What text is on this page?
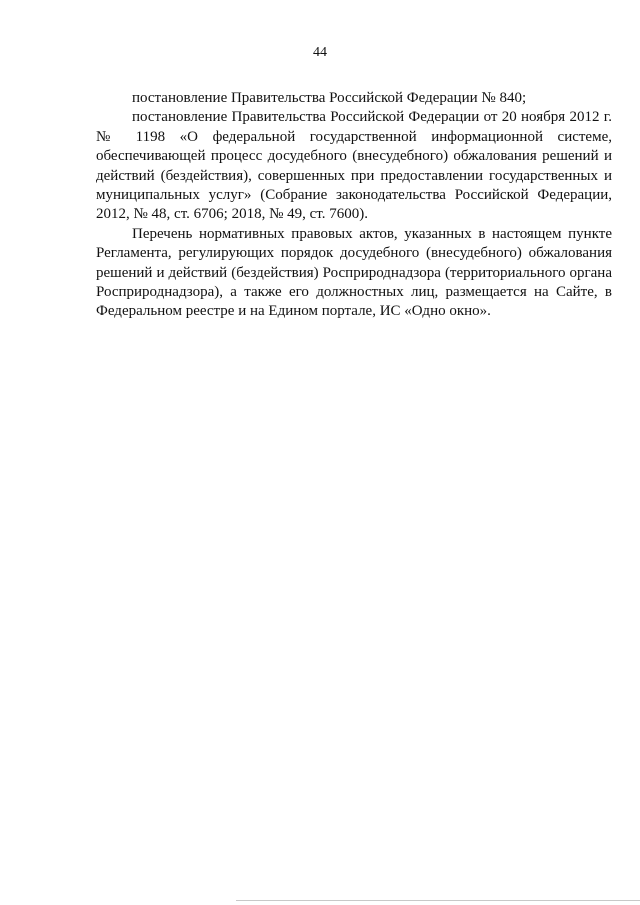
44

постановление Правительства Российской Федерации № 840;

постановление Правительства Российской Федерации от 20 ноября 2012 г. № 1198 «О федеральной государственной информационной системе, обеспечивающей процесс досудебного (внесудебного) обжалования решений и действий (бездействия), совершенных при предоставлении государственных и муниципальных услуг» (Собрание законодательства Российской Федерации, 2012, № 48, ст. 6706; 2018, № 49, ст. 7600).

Перечень нормативных правовых актов, указанных в настоящем пункте Регламента, регулирующих порядок досудебного (внесудебного) обжалования решений и действий (бездействия) Росприроднадзора (территориального органа Росприроднадзора), а также его должностных лиц, размещается на Сайте, в Федеральном реестре и на Едином портале, ИС «Одно окно».
